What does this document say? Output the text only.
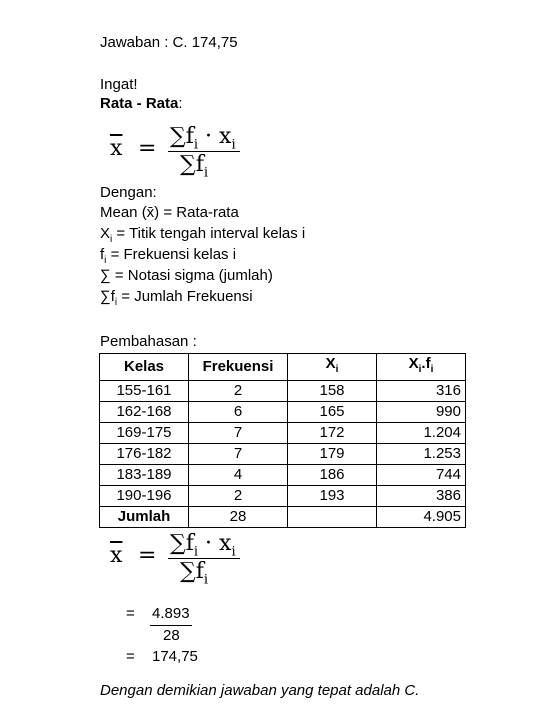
Jawaban : C. 174,75
Ingat!
Rata - Rata:
$\overline{x} = \sum f_i \cdot x_i$
$\sum f_i$
Dengan:
Mean (x̄) = Rata-rata
$X_i$ = Titik tengah interval kelas i
$f_i$ = Frekuensi kelas i
∑ = Notasi sigma (jumlah)
$\sum f_i$ = Jumlah Frekuensi
Pembahasan :
Kelas	Frekuensi	$X_i$	$X_i.f_i$
155-161	2	158	316
162-168	6	165	990
169-175	7	172	1.204
176-182	7	179	1.253
183-189	4	186	744
190-196	2	193	386
Jumlah	28		4.905
$\overline{x} = \sum f_i \cdot x_i$
$\sum f_i$
= 4.893
28
= 174,75
Dengan demikian jawaban yang tepat adalah C.
